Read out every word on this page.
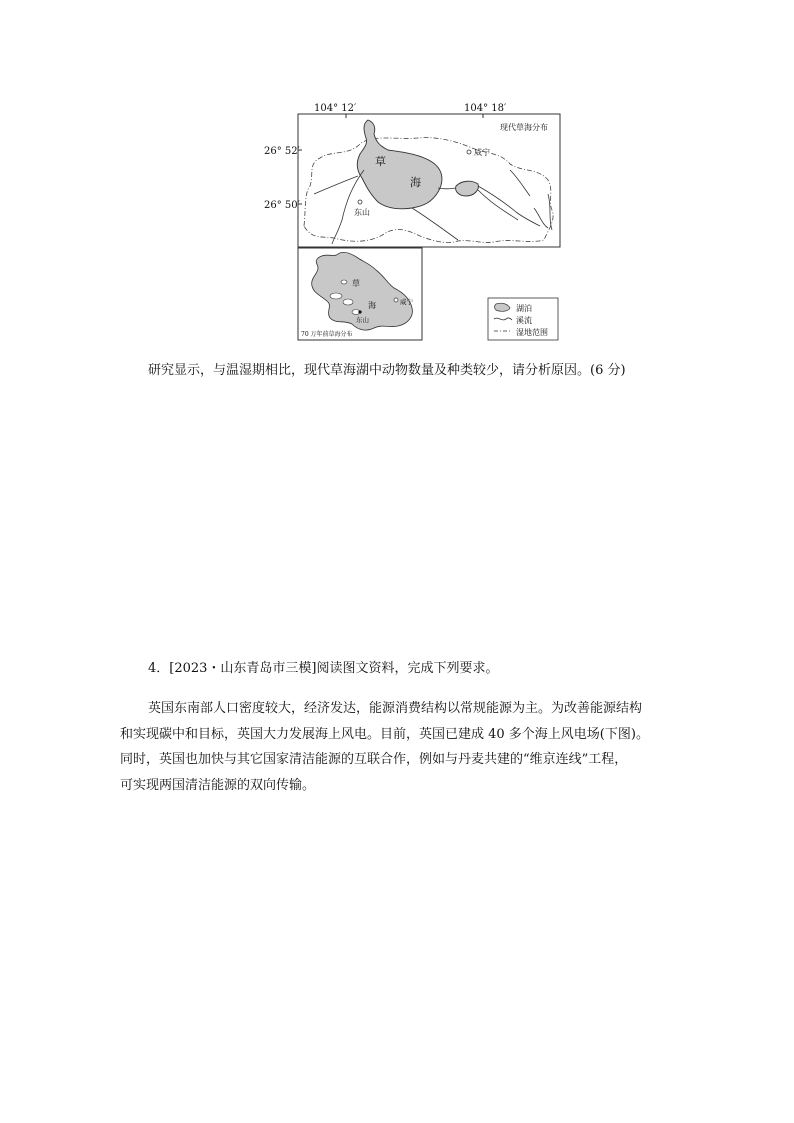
104° 12′	104° 18′
26° 52′
26° 50′
现代草海分布
草
海
威宁
东山
草
海	威宁
东山
70 万年前草海分布
湖泊
溪流
湿地范围
研究显示，与温湿期相比，现代草海湖中动物数量及种类较少，请分析原因。(6 分)
4．[2023・山东青岛市三模]阅读图文资料，完成下列要求。
英国东南部人口密度较大，经济发达，能源消费结构以常规能源为主。为改善能源结构
和实现碳中和目标，英国大力发展海上风电。目前，英国已建成 40 多个海上风电场(下图)。
同时，英国也加快与其它国家清洁能源的互联合作，例如与丹麦共建的“维京连线”工程，
可实现两国清洁能源的双向传输。
